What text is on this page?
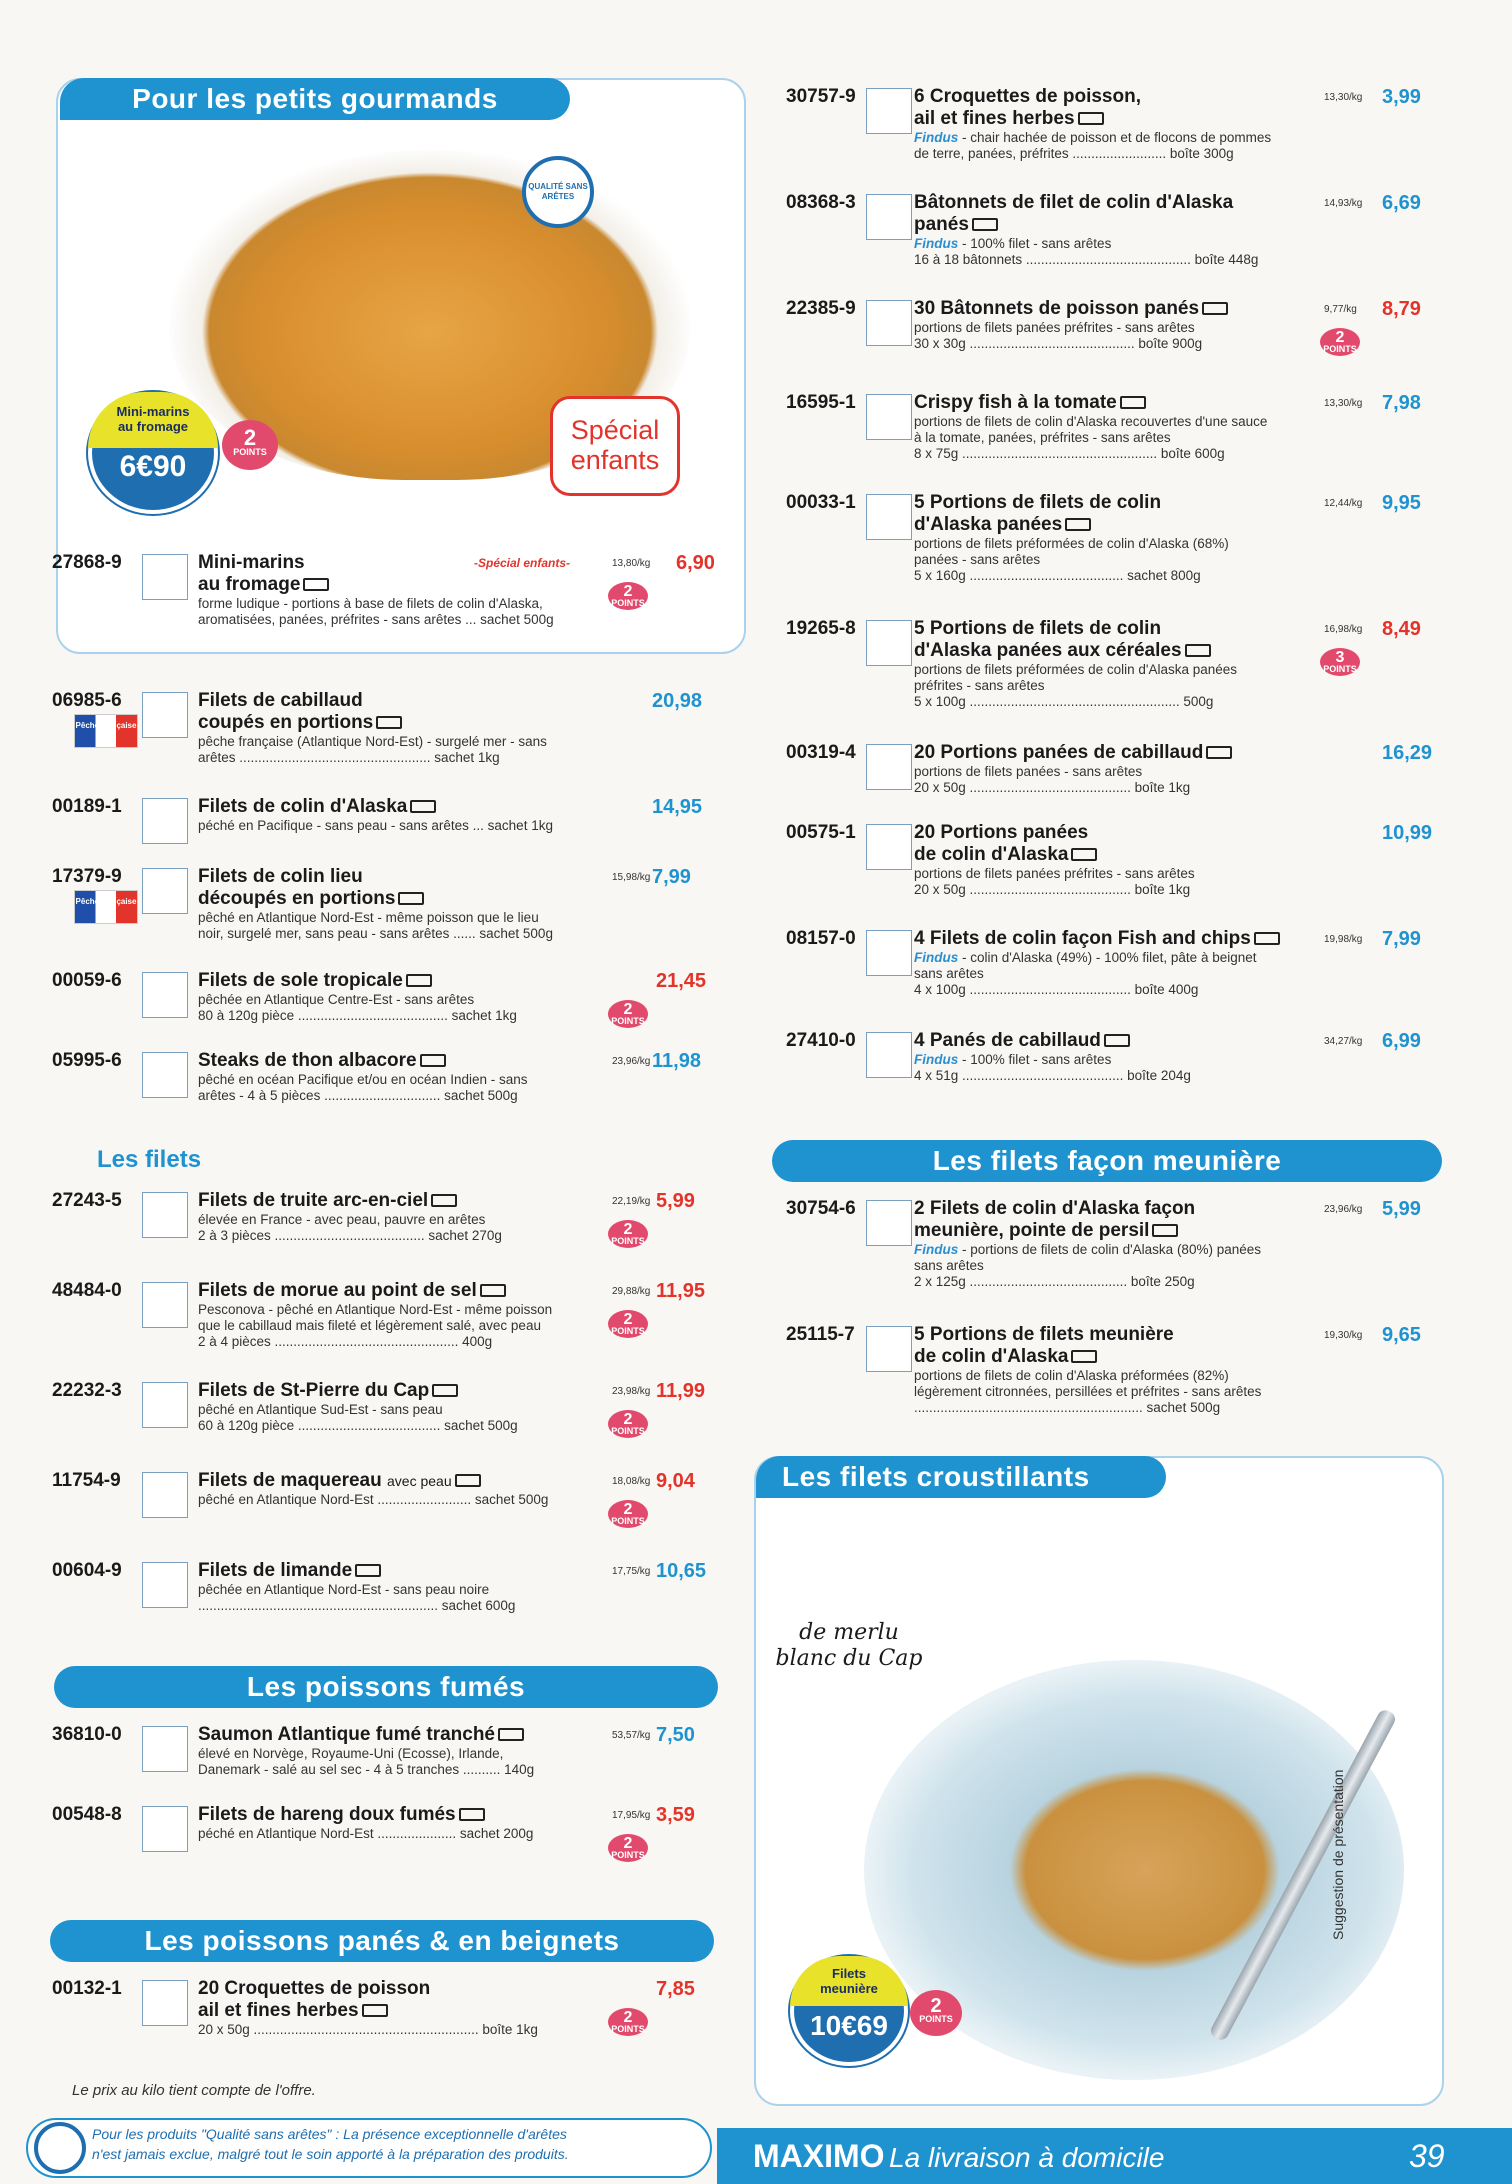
Pour les petits gourmands
QUALITÉ SANS ARÊTES
Spécial
enfants
Mini-marins
au fromage
6€90
2
POINTS
27868-9	Mini-marins
au fromage
forme ludique - portions à base de filets de colin d'Alaska,
aromatisées, panées, préfrites - sans arêtes ... sachet 500g
-Spécial enfants-	13,80/kg 6,90
2
POINTS
06985-6
Pêche française
Filets de cabillaud
coupés en portions
pêche française (Atlantique Nord-Est) - surgelé mer - sans
arêtes ................................................... sachet 1kg
20,98
00189-1	Filets de colin d'Alaska
péché en Pacifique - sans peau - sans arêtes ... sachet 1kg
14,95
17379-9
Pêche française
Filets de colin lieu
découpés en portions
pêché en Atlantique Nord-Est - même poisson que le lieu
noir, surgelé mer, sans peau - sans arêtes ...... sachet 500g
15,98/kg 7,99
00059-6	Filets de sole tropicale
pêchée en Atlantique Centre-Est - sans arêtes
80 à 120g pièce ........................................ sachet 1kg
21,45
2
POINTS
05995-6	Steaks de thon albacore
pêché en océan Pacifique et/ou en océan Indien - sans
arêtes - 4 à 5 pièces ............................... sachet 500g
23,96/kg 11,98
27243-5	Filets de truite arc-en-ciel
élevée en France - avec peau, pauvre en arêtes
2 à 3 pièces ........................................ sachet 270g
22,19/kg 5,99
2
POINTS
48484-0	Filets de morue au point de sel
Pesconova - pêché en Atlantique Nord-Est - même poisson
que le cabillaud mais fileté et légèrement salé, avec peau
2 à 4 pièces ................................................. 400g
29,88/kg 11,95
2
POINTS
22232-3	Filets de St-Pierre du Cap
pêché en Atlantique Sud-Est - sans peau
60 à 120g pièce ...................................... sachet 500g
23,98/kg 11,99
2
POINTS
11754-9	Filets de maquereau avec peau
pêché en Atlantique Nord-Est ......................... sachet 500g
18,08/kg 9,04
2
POINTS
00604-9	Filets de limande
pêchée en Atlantique Nord-Est - sans peau noire
................................................................ sachet 600g
17,75/kg 10,65
36810-0	Saumon Atlantique fumé tranché
élevé en Norvège, Royaume-Uni (Ecosse), Irlande,
Danemark - salé au sel sec - 4 à 5 tranches .......... 140g
53,57/kg 7,50
00548-8	Filets de hareng doux fumés
péché en Atlantique Nord-Est ..................... sachet 200g
17,95/kg 3,59
2
POINTS
00132-1	20 Croquettes de poisson
ail et fines herbes
20 x 50g ............................................................ boîte 1kg
7,85
2
POINTS
Les filets
Les poissons fumés
Les poissons panés & en beignets
Le prix au kilo tient compte de l'offre.
Pour les produits "Qualité sans arêtes" : La présence exceptionnelle d'arêtes
n'est jamais exclue, malgré tout le soin apporté à la préparation des produits.
30757-9	6 Croquettes de poisson,
ail et fines herbes
Findus - chair hachée de poisson et de flocons de pommes
de terre, panées, préfrites ......................... boîte 300g
13,30/kg 3,99
08368-3	Bâtonnets de filet de colin d'Alaska
panés
Findus - 100% filet - sans arêtes
16 à 18 bâtonnets ............................................ boîte 448g
14,93/kg 6,69
22385-9	30 Bâtonnets de poisson panés
portions de filets panées préfrites - sans arêtes
30 x 30g ............................................ boîte 900g
9,77/kg 8,79
2
POINTS
16595-1	Crispy fish à la tomate
portions de filets de colin d'Alaska recouvertes d'une sauce
à la tomate, panées, préfrites - sans arêtes
8 x 75g .................................................... boîte 600g
13,30/kg 7,98
00033-1	5 Portions de filets de colin
d'Alaska panées
portions de filets préformées de colin d'Alaska (68%)
panées - sans arêtes
5 x 160g ......................................... sachet 800g
12,44/kg 9,95
19265-8	5 Portions de filets de colin
d'Alaska panées aux céréales
portions de filets préformées de colin d'Alaska panées
préfrites - sans arêtes
5 x 100g ........................................................ 500g
16,98/kg 8,49
3
POINTS
00319-4	20 Portions panées de cabillaud
portions de filets panées - sans arêtes
20 x 50g ........................................... boîte 1kg
16,29
00575-1	20 Portions panées
de colin d'Alaska
portions de filets panées préfrites - sans arêtes
20 x 50g ........................................... boîte 1kg
10,99
08157-0	4 Filets de colin façon Fish and chips
Findus - colin d'Alaska (49%) - 100% filet, pâte à beignet
sans arêtes
4 x 100g ........................................... boîte 400g
19,98/kg 7,99
27410-0	4 Panés de cabillaud
Findus - 100% filet - sans arêtes
4 x 51g ........................................... boîte 204g
34,27/kg 6,99
30754-6	2 Filets de colin d'Alaska façon
meunière, pointe de persil
Findus - portions de filets de colin d'Alaska (80%) panées
sans arêtes
2 x 125g .......................................... boîte 250g
23,96/kg 5,99
25115-7	5 Portions de filets meunière
de colin d'Alaska
portions de filets de colin d'Alaska préformées (82%)
légèrement citronnées, persillées et préfrites - sans arêtes
............................................................. sachet 500g
19,30/kg 9,65
Les filets façon meunière
Les filets croustillants
de merlu
blanc du Cap
Filets
meunière
10€69
2
POINTS
Suggestion de présentation
MAXIMO La livraison à domicile	39
